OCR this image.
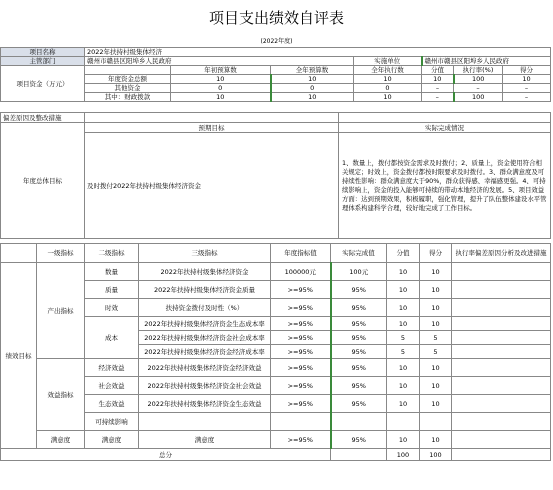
项目支出绩效自评表
(2022年度)
项目名称	2022年扶持村级集体经济						
主管部门	赣州市赣县区阳埠乡人民政府			实施单位	赣州市赣县区阳埠乡人民政府		
项目资金（万元）		年初预算数	全年预算数	全年执行数	分值	执行率(%)	得分
	年度资金总额	10	10	10	10	100	10
	其他资金	0	0	0	–	–	–
	其中：财政拨款	10	10	10	–	100	–
偏差原因及整改措施		
年度总体目标	预期目标	实际完成情况
	及时拨付2022年扶持村级集体经济资金	1、数量上，拨付都按资金需求及时拨付；2、质量上，资金使用符合相关规定；时效上，资金拨付都按时限要求及时拨付。3、群众满意度及可持续性影响：群众满意度大于90%，群众获得感、幸福感更强。4、可持续影响上，资金的投入能够可持续的带动本地经济的发展。5、项目效益方面：达到预期效果，积极履职，强化管理，提升了队伍整体建设水平管理体系构建科学合理，较好地完成了工作目标。
	一级指标	二级指标	三级指标	年度指标值	实际完成值	分值	得分	执行率偏差原因分析及改进措施
绩效目标	产出指标	数量	2022年扶持村级集体经济资金	100000元	100元	10	10	
		质量	2022年扶持村级集体经济资金质量	>=95%	95%	10	10	
		时效	扶持资金拨付及时性（%）	>=95%	95%	10	10	
		成本	2022年扶持村级集体经济资金生态成本率	>=95%	95%	10	10	
			2022年扶持村级集体经济资金社会成本率	>=95%	95%	5	5	
			2022年扶持村级集体经济资金经济成本率	>=95%	95%	5	5	
	效益指标	经济效益	2022年扶持村级集体经济资金经济效益	>=95%	95%	10	10	
		社会效益	2022年扶持村级集体经济资金社会效益	>=95%	95%	10	10	
		生态效益	2022年扶持村级集体经济资金生态效益	>=95%	95%	10	10	
		可持续影响						
	满意度	满意度	满意度	>=95%	95%	10	10	
总分						100	100	
